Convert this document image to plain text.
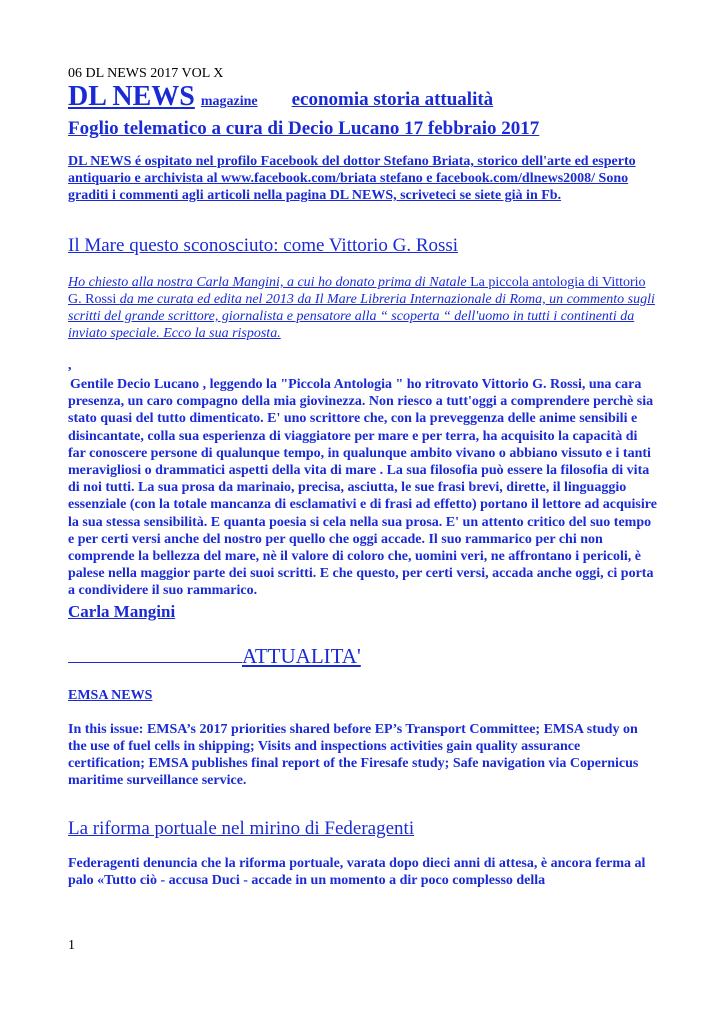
06 DL NEWS 2017 VOL X
DL NEWS magazine economia storia attualità
Foglio telematico a cura di Decio Lucano 17 febbraio 2017
DL NEWS é ospitato nel profilo Facebook del dottor Stefano Briata, storico dell'arte ed esperto antiquario e archivista al www.facebook.com/briata stefano e facebook.com/dlnews2008/ Sono graditi i commenti agli articoli nella pagina DL NEWS, scriveteci se siete già in Fb.
Il Mare questo sconosciuto: come Vittorio G. Rossi
Ho chiesto alla nostra Carla Mangini, a cui ho donato prima di Natale La piccola antologia di Vittorio G. Rossi da me curata ed edita nel 2013 da Il Mare Libreria Internazionale di Roma, un commento sugli scritti del grande scrittore, giornalista e pensatore alla “ scoperta “ dell'uomo in tutti i continenti da inviato speciale. Ecco la sua risposta.
,
Gentile Decio Lucano , leggendo la "Piccola Antologia " ho ritrovato Vittorio G. Rossi, una cara presenza, un caro compagno della mia giovinezza. Non riesco a tutt'oggi a comprendere perchè sia stato quasi del tutto dimenticato. E' uno scrittore che, con la preveggenza delle anime sensibili e disincantate, colla sua esperienza di viaggiatore per mare e per terra, ha acquisito la capacità di far conoscere persone di qualunque tempo, in qualunque ambito vivano o abbiano vissuto e i tanti meravigliosi o drammatici aspetti della vita di mare . La sua filosofia può essere la filosofia di vita di noi tutti. La sua prosa da marinaio, precisa, asciutta, le sue frasi brevi, dirette, il linguaggio essenziale (con la totale mancanza di esclamativi e di frasi ad effetto) portano il lettore ad acquisire la sua stessa sensibilità. E quanta poesia si cela nella sua prosa. E' un attento critico del suo tempo e per certi versi anche del nostro per quello che oggi accade. Il suo rammarico per chi non comprende la bellezza del mare, nè il valore di coloro che, uomini veri, ne affrontano i pericoli, è palese nella maggior parte dei suoi scritti. E che questo, per certi versi, accada anche oggi, ci porta a condividere il suo rammarico.
Carla Mangini
ATTUALITA'
EMSA NEWS
In this issue: EMSA’s 2017 priorities shared before EP’s Transport Committee; EMSA study on the use of fuel cells in shipping; Visits and inspections activities gain quality assurance certification; EMSA publishes final report of the Firesafe study; Safe navigation via Copernicus maritime surveillance service.
La riforma portuale nel mirino di Federagenti
Federagenti denuncia che la riforma portuale, varata dopo dieci anni di attesa, è ancora ferma al palo «Tutto ciò - accusa Duci - accade in un momento a dir poco complesso della
1
